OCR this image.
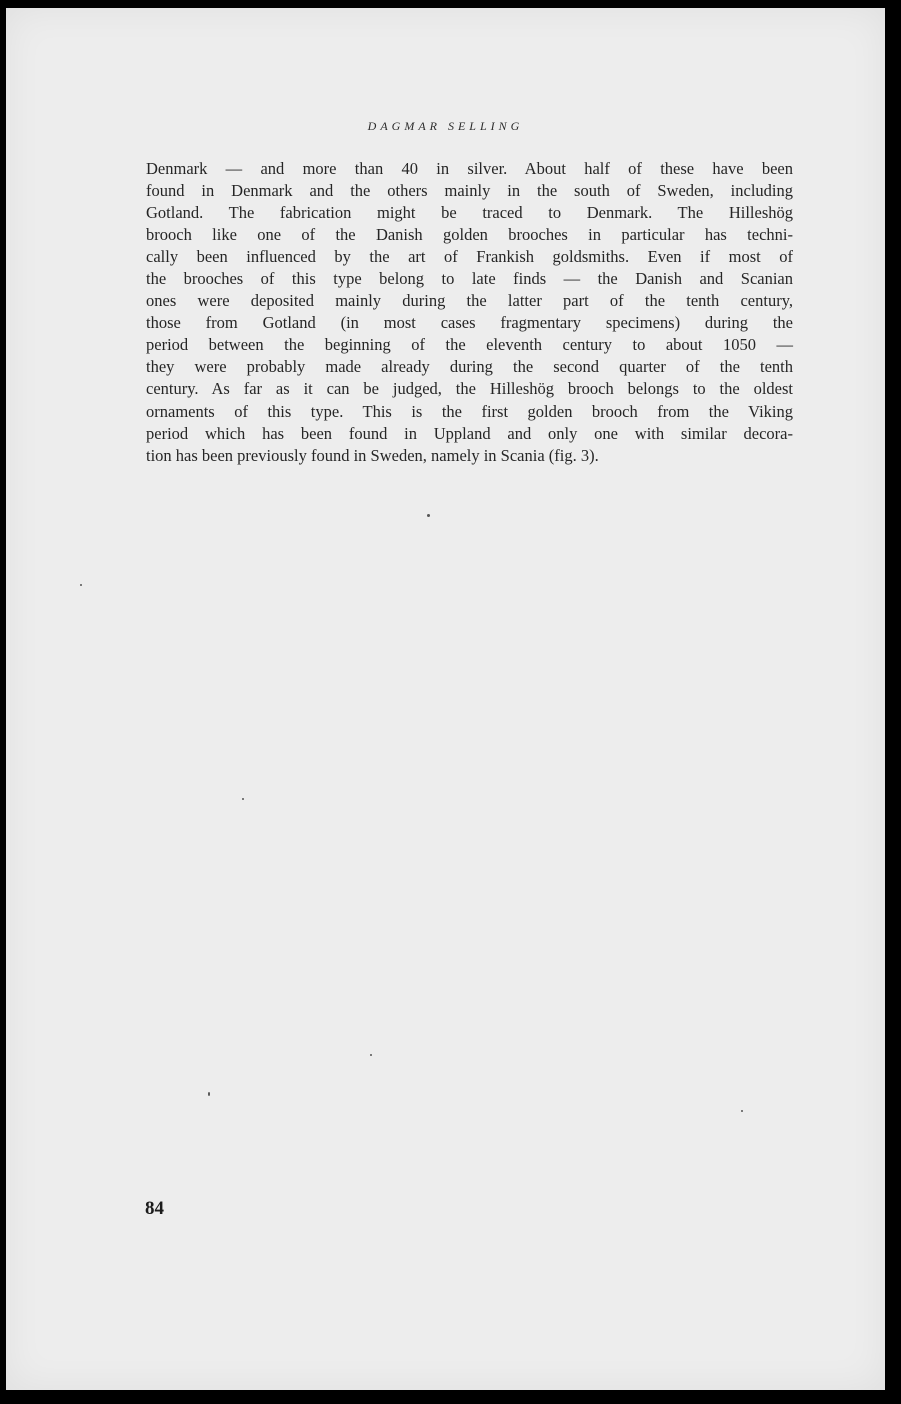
DAGMAR SELLING
Denmark — and more than 40 in silver. About half of these have been
found in Denmark and the others mainly in the south of Sweden, including
Gotland. The fabrication might be traced to Denmark. The Hilleshög
brooch like one of the Danish golden brooches in particular has techni-
cally been influenced by the art of Frankish goldsmiths. Even if most of
the brooches of this type belong to late finds — the Danish and Scanian
ones were deposited mainly during the latter part of the tenth century,
those from Gotland (in most cases fragmentary specimens) during the
period between the beginning of the eleventh century to about 1050 —
they were probably made already during the second quarter of the tenth
century. As far as it can be judged, the Hilleshög brooch belongs to the oldest
ornaments of this type. This is the first golden brooch from the Viking
period which has been found in Uppland and only one with similar decora-
tion has been previously found in Sweden, namely in Scania (fig. 3).
84
